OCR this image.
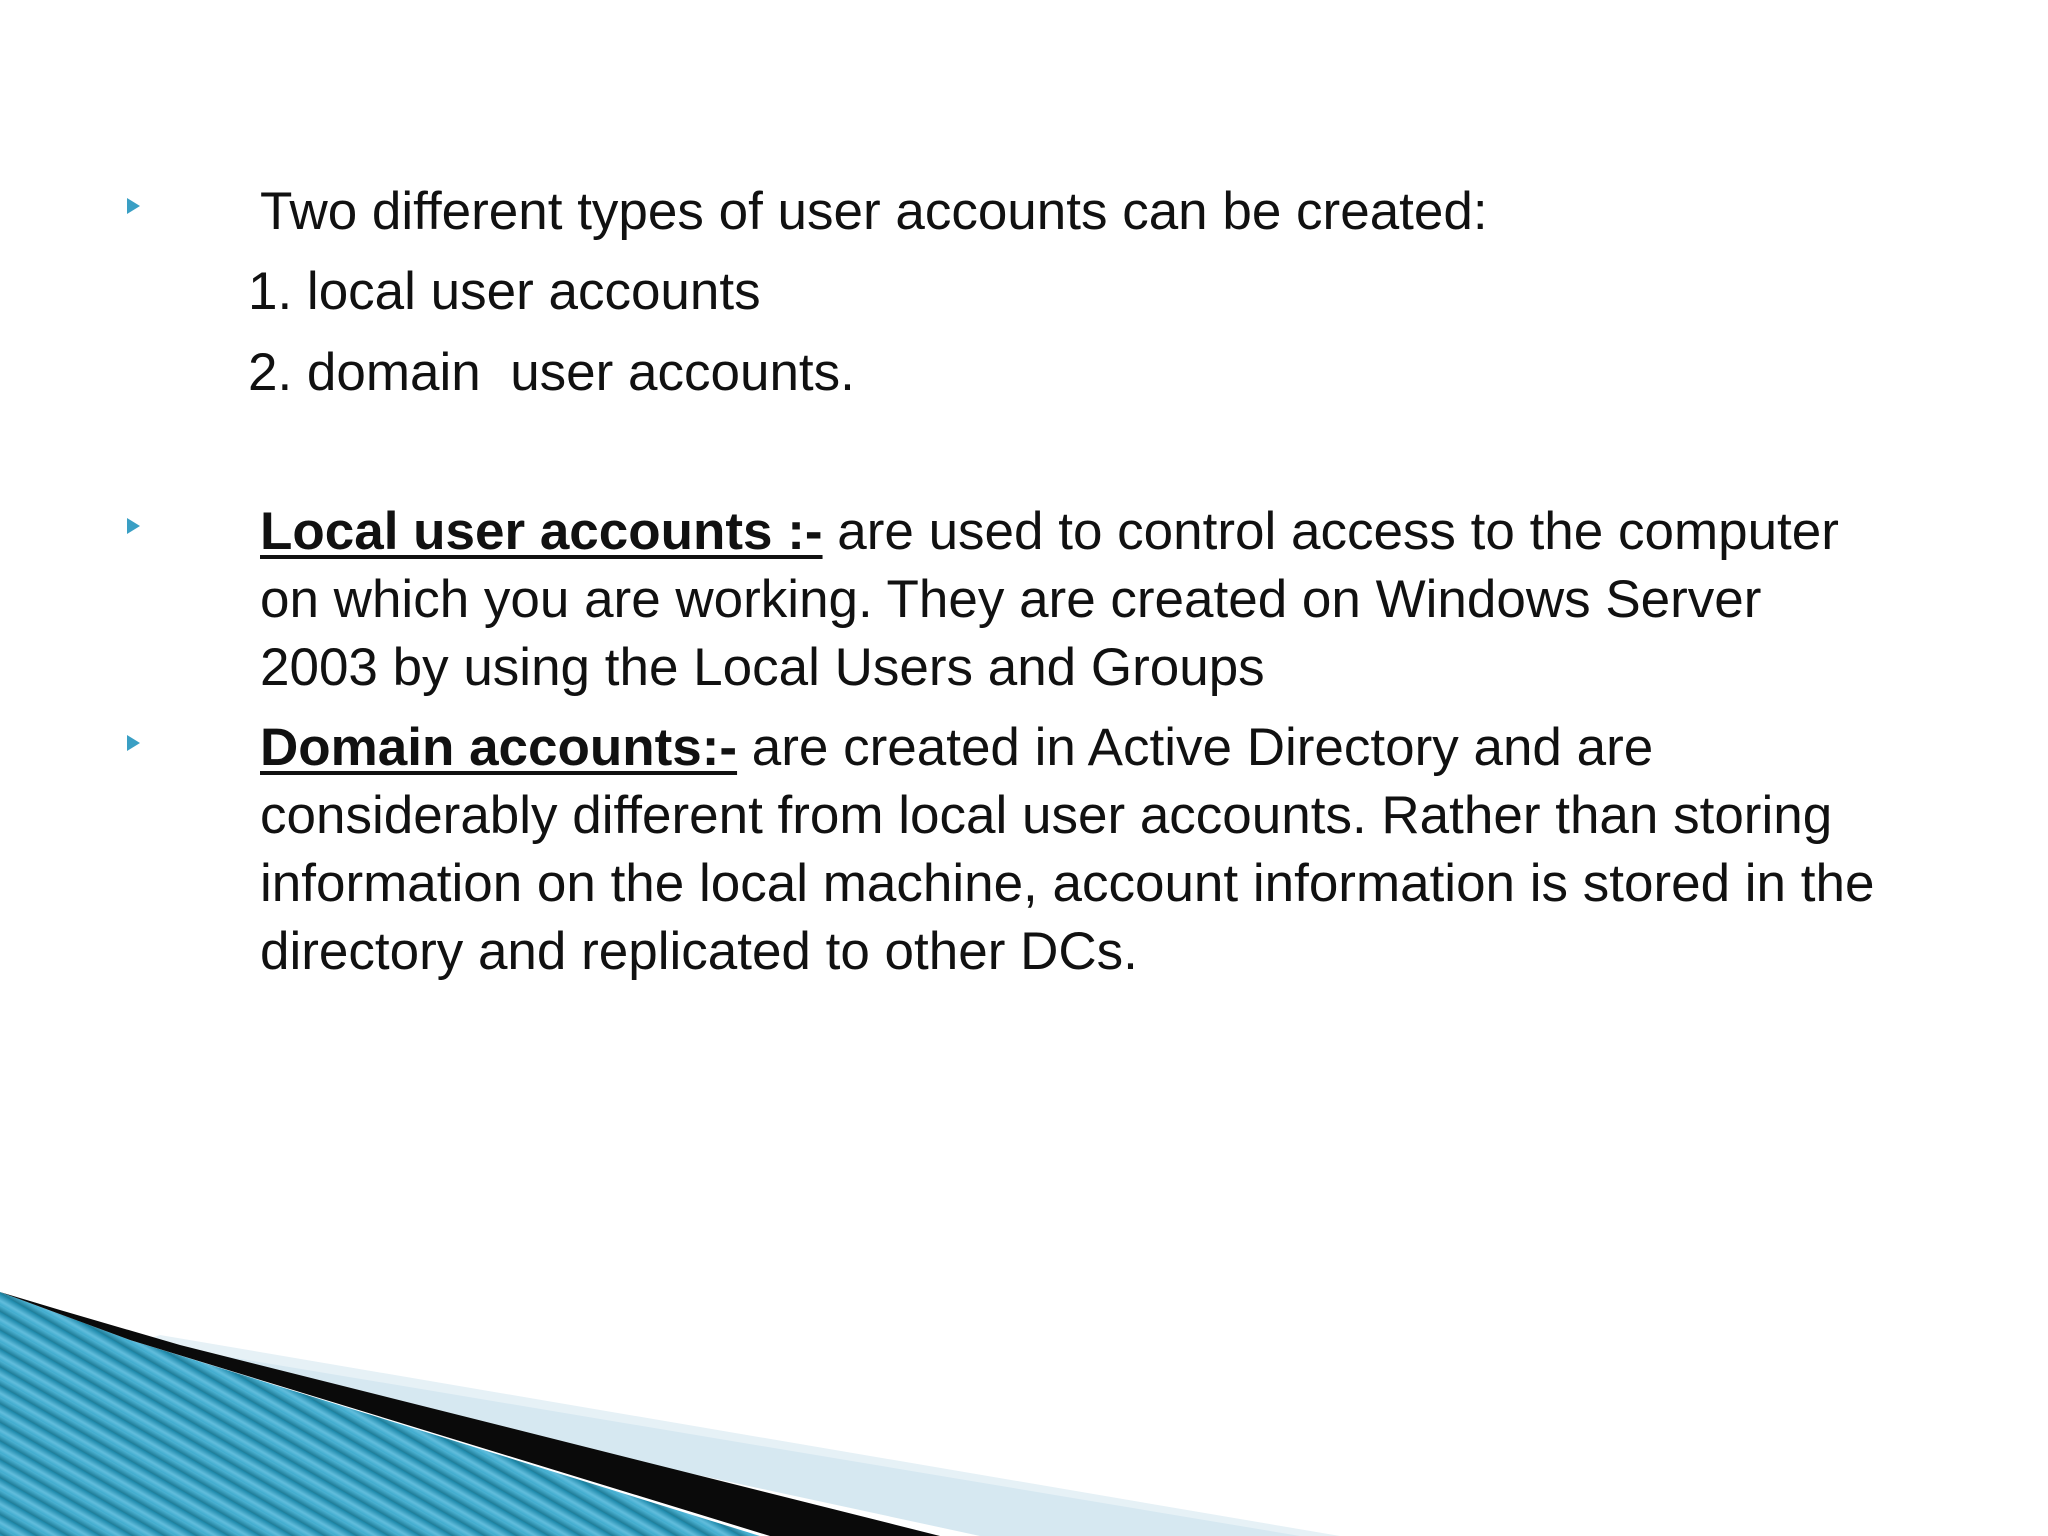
Two different types of user accounts can be created:

1. local user accounts

2. domain  user accounts.

Local user accounts :- are used to control access to the computer on which you are working. They are created on Windows Server 2003 by using the Local Users and Groups

Domain accounts:- are created in Active Directory and are considerably different from local user accounts. Rather than storing information on the local machine, account information is stored in the directory and replicated to other DCs.
